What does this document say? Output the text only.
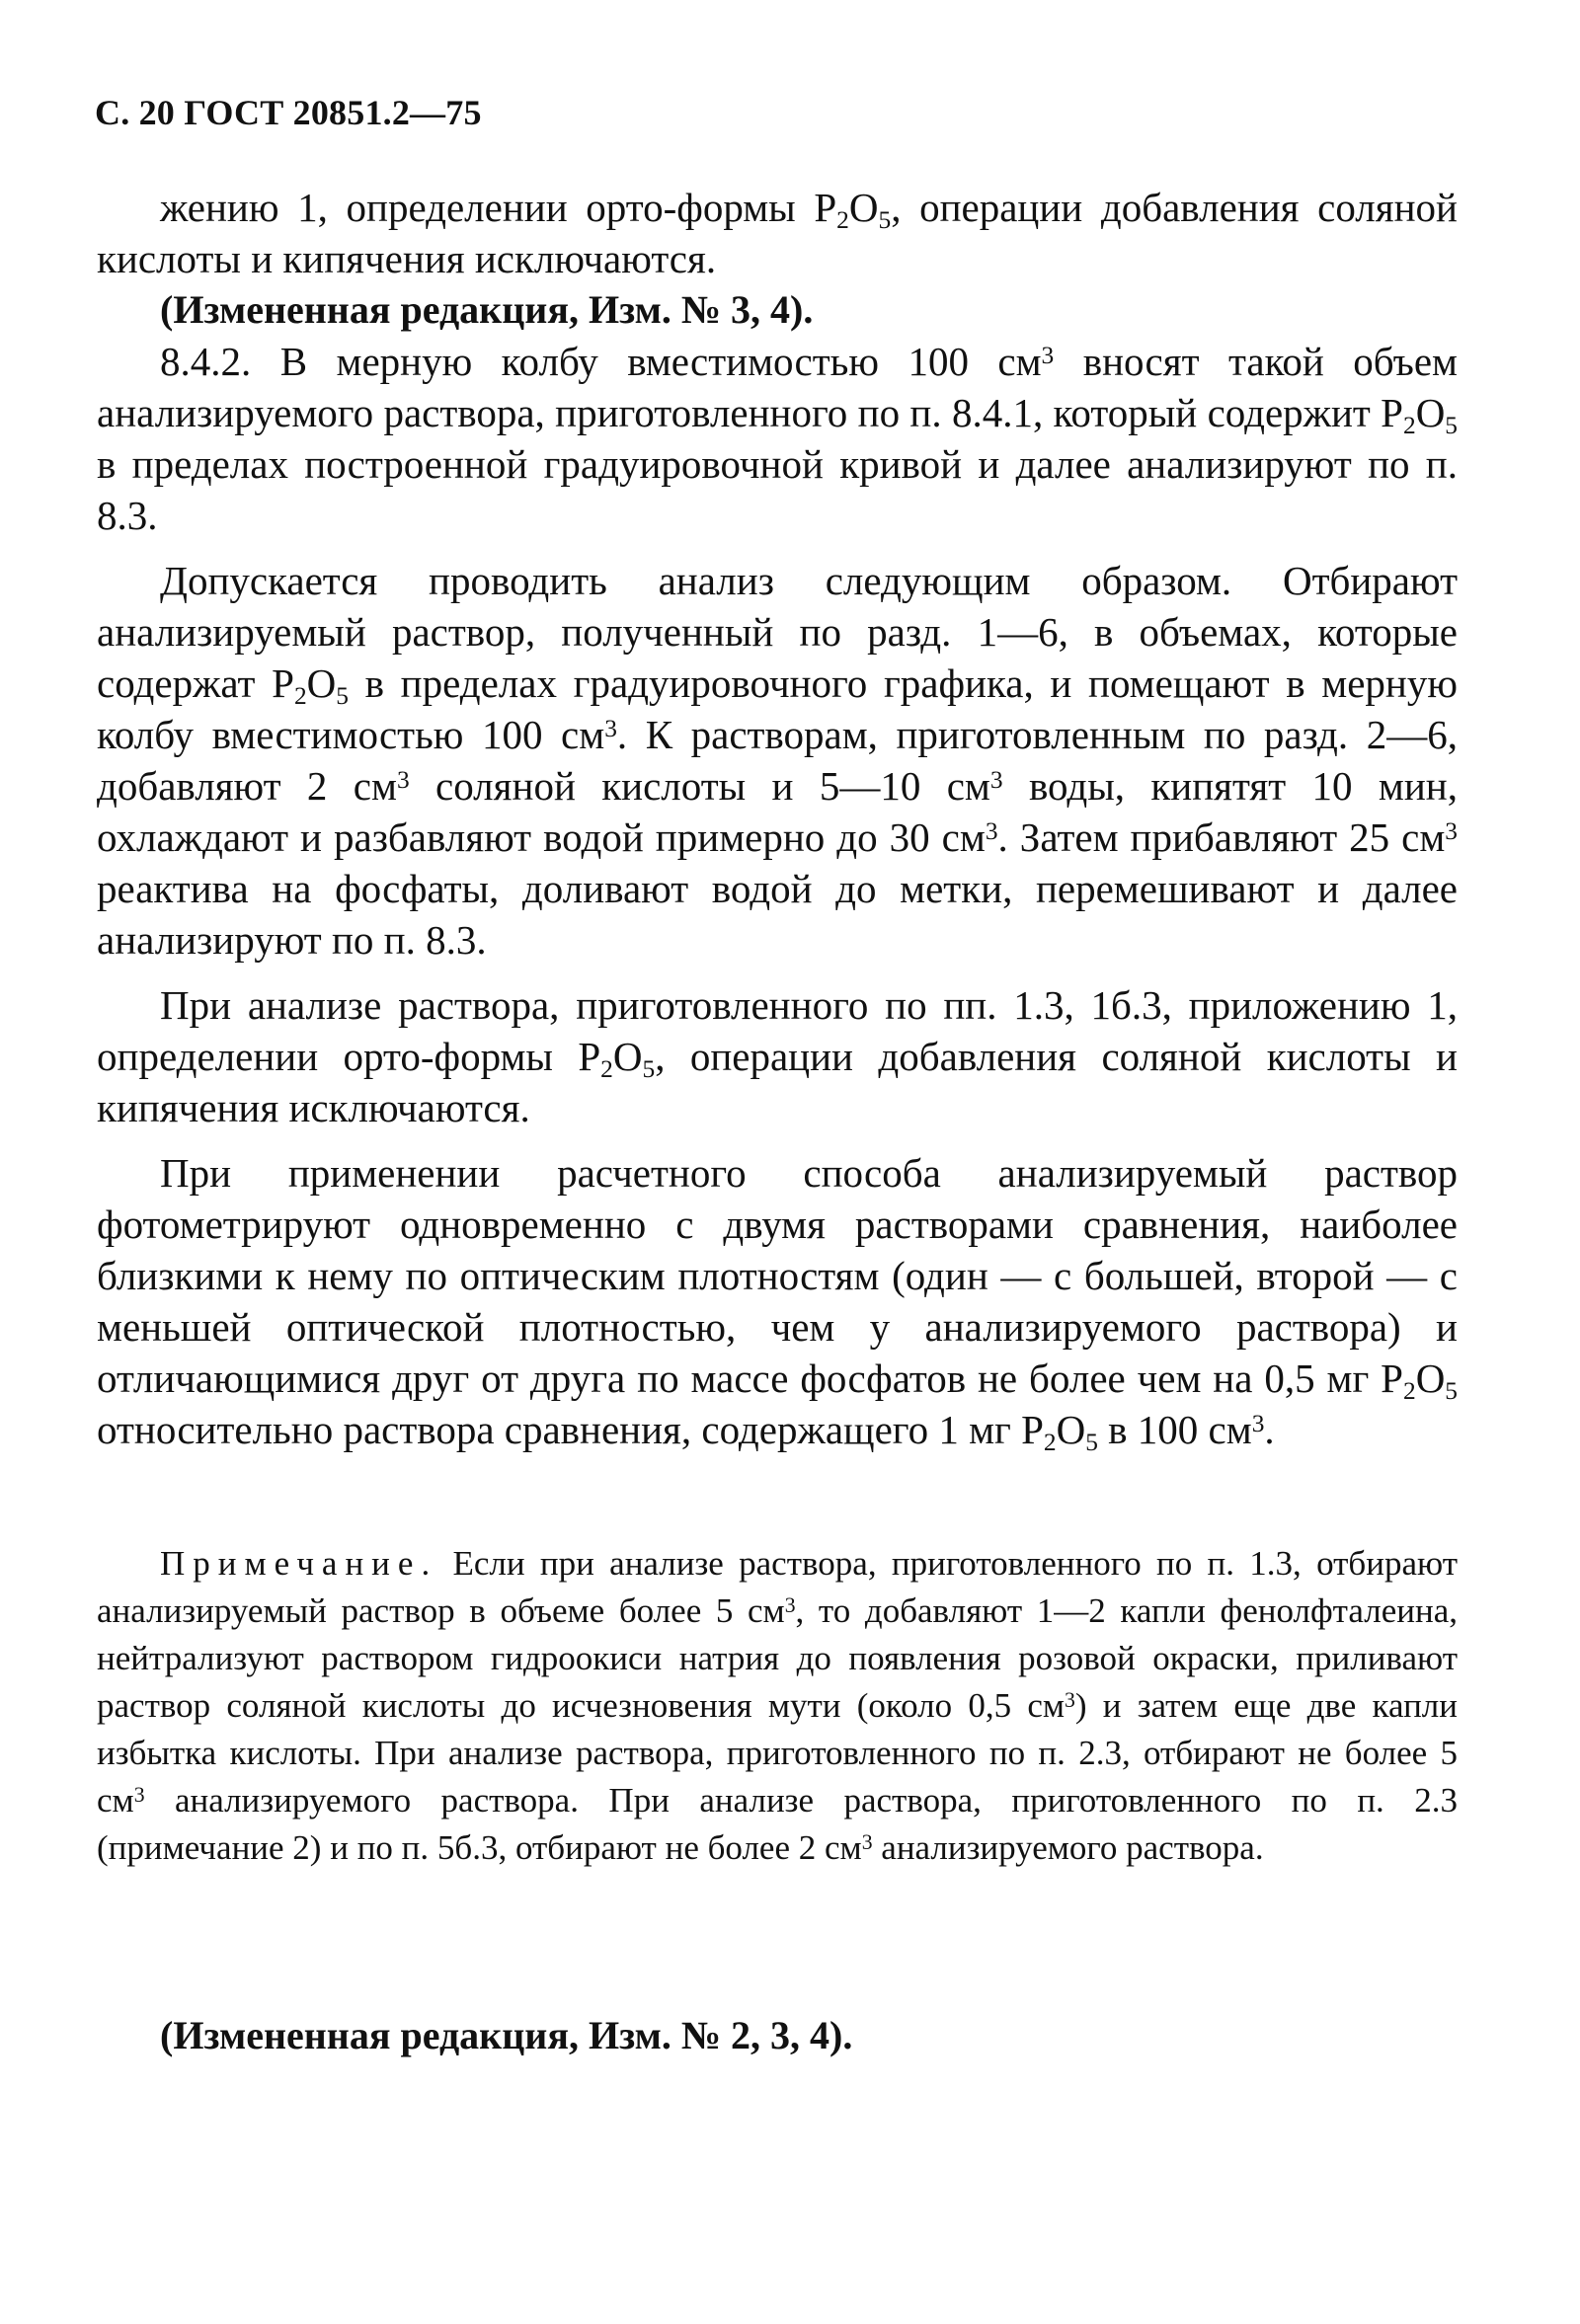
С. 20 ГОСТ 20851.2—75

жению 1, определении орто-формы $P_2O_5$, операции добавления соляной кислоты и кипячения исключаются.

(Измененная редакция, Изм. № 3, 4).

8.4.2. В мерную колбу вместимостью 100 $см^3$ вносят такой объем анализируемого раствора, приготовленного по п. 8.4.1, который содержит $P_2O_5$ в пределах построенной градуировочной кривой и далее анализируют по п. 8.3.

Допускается проводить анализ следующим образом. Отбирают анализируемый раствор, полученный по разд. 1—6, в объемах, которые содержат $P_2O_5$ в пределах градуировочного графика, и помещают в мерную колбу вместимостью 100 $см^3$. К растворам, приготовленным по разд. 2—6, добавляют 2 $см^3$ соляной кислоты и 5—10 $см^3$ воды, кипятят 10 мин, охлаждают и разбавляют водой примерно до 30 $см^3$. Затем прибавляют 25 $см^3$ реактива на фосфаты, доливают водой до метки, перемешивают и далее анализируют по п. 8.3.

При анализе раствора, приготовленного по пп. 1.3, 1б.3, приложению 1, определении орто-формы $P_2O_5$, операции добавления соляной кислоты и кипячения исключаются.

При применении расчетного способа анализируемый раствор фотометрируют одновременно с двумя растворами сравнения, наиболее близкими к нему по оптическим плотностям (один — с большей, второй — с меньшей оптической плотностью, чем у анализируемого раствора) и отличающимися друг от друга по массе фосфатов не более чем на 0,5 мг $P_2O_5$ относительно раствора сравнения, содержащего 1 мг $P_2O_5$ в 100 $см^3$.

Примечание. Если при анализе раствора, приготовленного по п. 1.3, отбирают анализируемый раствор в объеме более 5 $см^3$, то добавляют 1—2 капли фенолфталеина, нейтрализуют раствором гидроокиси натрия до появления розовой окраски, приливают раствор соляной кислоты до исчезновения мути (около 0,5 $см^3$) и затем еще две капли избытка кислоты. При анализе раствора, приготовленного по п. 2.3, отбирают не более 5 $см^3$ анализируемого раствора. При анализе раствора, приготовленного по п. 2.3 (примечание 2) и по п. 5б.3, отбирают не более 2 $см^3$ анализируемого раствора.

(Измененная редакция, Изм. № 2, 3, 4).
